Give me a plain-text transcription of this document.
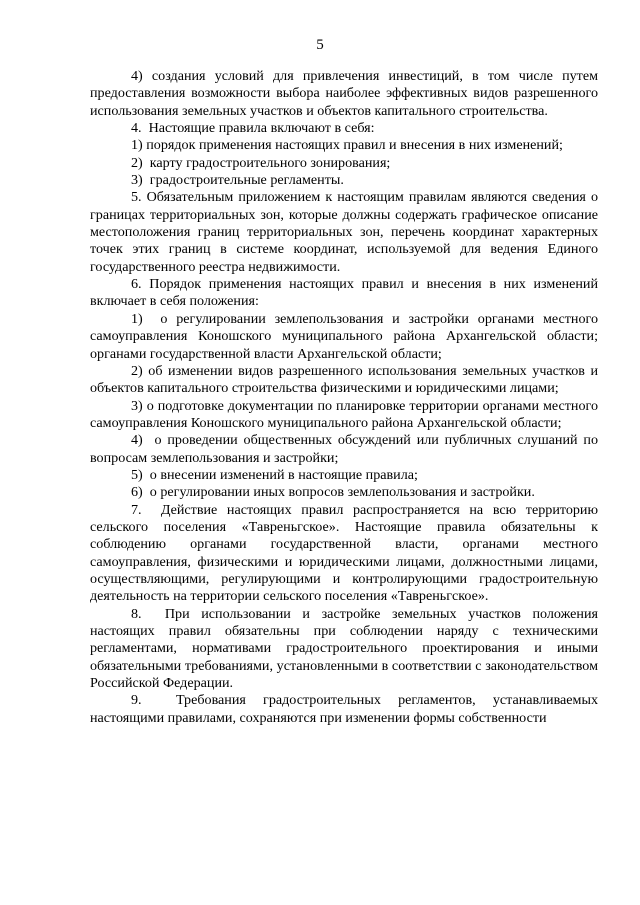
5

4) создания условий для привлечения инвестиций, в том числе путем предоставления возможности выбора наиболее эффективных видов разрешенного использования земельных участков и объектов капитального строительства.

4.  Настоящие правила включают в себя:

1) порядок применения настоящих правил и внесения в них изменений;

2)  карту градостроительного зонирования;

3)  градостроительные регламенты.

5. Обязательным приложением к настоящим правилам являются сведения о границах территориальных зон, которые должны содержать графическое описание местоположения границ территориальных зон, перечень координат характерных точек этих границ в системе координат, используемой для ведения Единого государственного реестра недвижимости.

6. Порядок применения настоящих правил и внесения в них изменений включает в себя положения:

1)  о регулировании землепользования и застройки органами местного самоуправления Коношского муниципального района Архангельской области; органами государственной власти Архангельской области;

2) об изменении видов разрешенного использования земельных участков и объектов капитального строительства физическими и юридическими лицами;

3) о подготовке документации по планировке территории органами местного самоуправления Коношского муниципального района Архангельской области;

4)  о проведении общественных обсуждений или публичных слушаний по вопросам землепользования и застройки;

5)  о внесении изменений в настоящие правила;

6)  о регулировании иных вопросов землепользования и застройки.

7.  Действие настоящих правил распространяется на всю территорию сельского поселения «Тавреньгское». Настоящие правила обязательны к соблюдению органами государственной власти, органами местного самоуправления, физическими и юридическими лицами, должностными лицами, осуществляющими, регулирующими и контролирующими градостроительную деятельность на территории сельского поселения «Тавреньгское».

8.  При использовании и застройке земельных участков положения настоящих правил обязательны при соблюдении наряду с техническими регламентами, нормативами градостроительного проектирования и иными обязательными требованиями, установленными в соответствии с законодательством Российской Федерации.

9.  Требования градостроительных регламентов, устанавливаемых настоящими правилами, сохраняются при изменении формы собственности
